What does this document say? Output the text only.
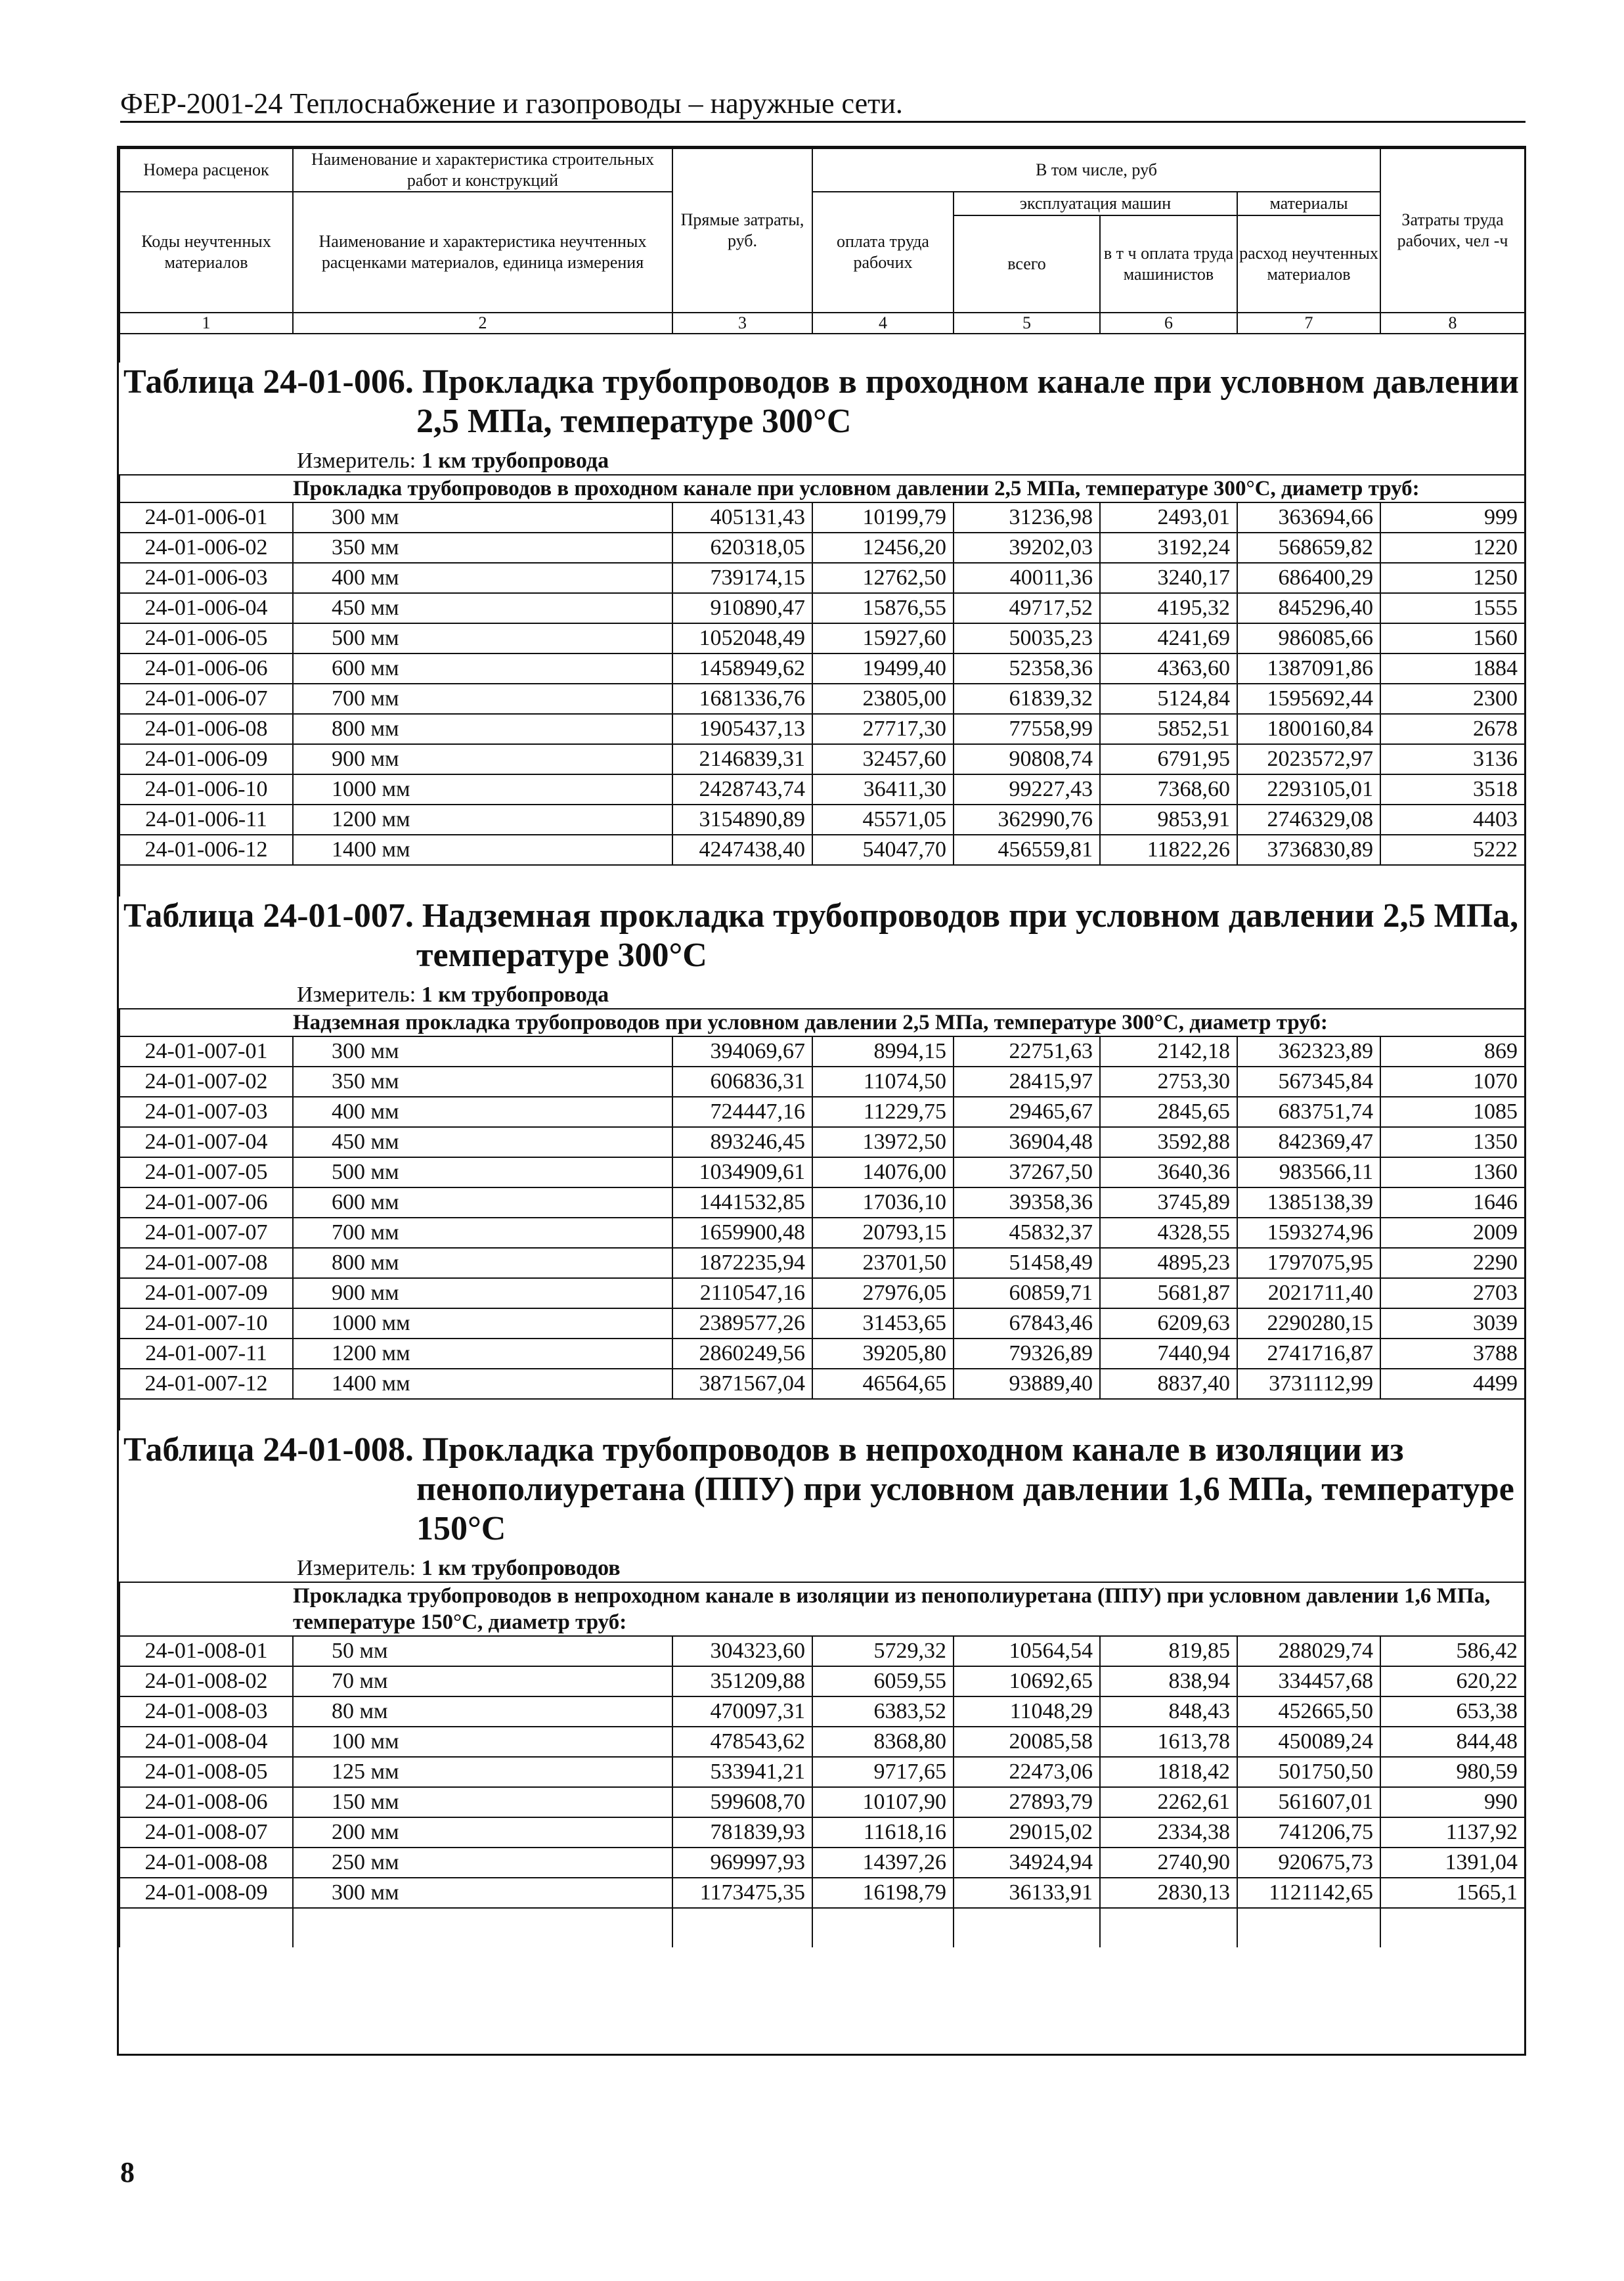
ФЕР-2001-24 Теплоснабжение и газопроводы – наружные сети.
Номера расценок	Наименование и характеристика строительных работ и конструкций	Прямые затраты, руб.	В том числе, руб				Затраты труда рабочих, чел -ч
Коды неучтенных материалов	Наименование и характеристика неучтенных расценками материалов, единица измерения		оплата труда рабочих	эксплуатация машин		материалы	
				всего	в т ч оплата труда машинистов	расход неучтенных материалов	
1	2	3	4	5	6	7	8

Таблица 24-01-006. Прокладка трубопроводов в проходном канале при условном давлении
2,5 МПа, температуре 300°С
Измеритель: 1 км трубопровода							

	Прокладка трубопроводов в проходном канале при условном давлении 2,5 МПа, температуре 300°С, диаметр труб:						
24-01-006-01	300 мм	405131,43	10199,79	31236,98	2493,01	363694,66	999
24-01-006-02	350 мм	620318,05	12456,20	39202,03	3192,24	568659,82	1220
24-01-006-03	400 мм	739174,15	12762,50	40011,36	3240,17	686400,29	1250
24-01-006-04	450 мм	910890,47	15876,55	49717,52	4195,32	845296,40	1555
24-01-006-05	500 мм	1052048,49	15927,60	50035,23	4241,69	986085,66	1560
24-01-006-06	600 мм	1458949,62	19499,40	52358,36	4363,60	1387091,86	1884
24-01-006-07	700 мм	1681336,76	23805,00	61839,32	5124,84	1595692,44	2300
24-01-006-08	800 мм	1905437,13	27717,30	77558,99	5852,51	1800160,84	2678
24-01-006-09	900 мм	2146839,31	32457,60	90808,74	6791,95	2023572,97	3136
24-01-006-10	1000 мм	2428743,74	36411,30	99227,43	7368,60	2293105,01	3518
24-01-006-11	1200 мм	3154890,89	45571,05	362990,76	9853,91	2746329,08	4403
24-01-006-12	1400 мм	4247438,40	54047,70	456559,81	11822,26	3736830,89	5222

Таблица 24-01-007. Надземная прокладка трубопроводов при условном давлении 2,5 МПа,
температуре 300°С
Измеритель: 1 км трубопровода							

	Надземная прокладка трубопроводов при условном давлении 2,5 МПа, температуре 300°С, диаметр труб:						
24-01-007-01	300 мм	394069,67	8994,15	22751,63	2142,18	362323,89	869
24-01-007-02	350 мм	606836,31	11074,50	28415,97	2753,30	567345,84	1070
24-01-007-03	400 мм	724447,16	11229,75	29465,67	2845,65	683751,74	1085
24-01-007-04	450 мм	893246,45	13972,50	36904,48	3592,88	842369,47	1350
24-01-007-05	500 мм	1034909,61	14076,00	37267,50	3640,36	983566,11	1360
24-01-007-06	600 мм	1441532,85	17036,10	39358,36	3745,89	1385138,39	1646
24-01-007-07	700 мм	1659900,48	20793,15	45832,37	4328,55	1593274,96	2009
24-01-007-08	800 мм	1872235,94	23701,50	51458,49	4895,23	1797075,95	2290
24-01-007-09	900 мм	2110547,16	27976,05	60859,71	5681,87	2021711,40	2703
24-01-007-10	1000 мм	2389577,26	31453,65	67843,46	6209,63	2290280,15	3039
24-01-007-11	1200 мм	2860249,56	39205,80	79326,89	7440,94	2741716,87	3788
24-01-007-12	1400 мм	3871567,04	46564,65	93889,40	8837,40	3731112,99	4499

Таблица 24-01-008. Прокладка трубопроводов в непроходном канале в изоляции из
пенополиуретана (ППУ) при условном давлении 1,6 МПа, температуре
150°С
Измеритель: 1 км трубопроводов							

	Прокладка трубопроводов в непроходном канале в изоляции из пенополиуретана (ППУ) при условном давлении 1,6 МПа, температуре 150°С, диаметр труб:						
24-01-008-01	50 мм	304323,60	5729,32	10564,54	819,85	288029,74	586,42
24-01-008-02	70 мм	351209,88	6059,55	10692,65	838,94	334457,68	620,22
24-01-008-03	80 мм	470097,31	6383,52	11048,29	848,43	452665,50	653,38
24-01-008-04	100 мм	478543,62	8368,80	20085,58	1613,78	450089,24	844,48
24-01-008-05	125 мм	533941,21	9717,65	22473,06	1818,42	501750,50	980,59
24-01-008-06	150 мм	599608,70	10107,90	27893,79	2262,61	561607,01	990
24-01-008-07	200 мм	781839,93	11618,16	29015,02	2334,38	741206,75	1137,92
24-01-008-08	250 мм	969997,93	14397,26	34924,94	2740,90	920675,73	1391,04
24-01-008-09	300 мм	1173475,35	16198,79	36133,91	2830,13	1121142,65	1565,1

8
